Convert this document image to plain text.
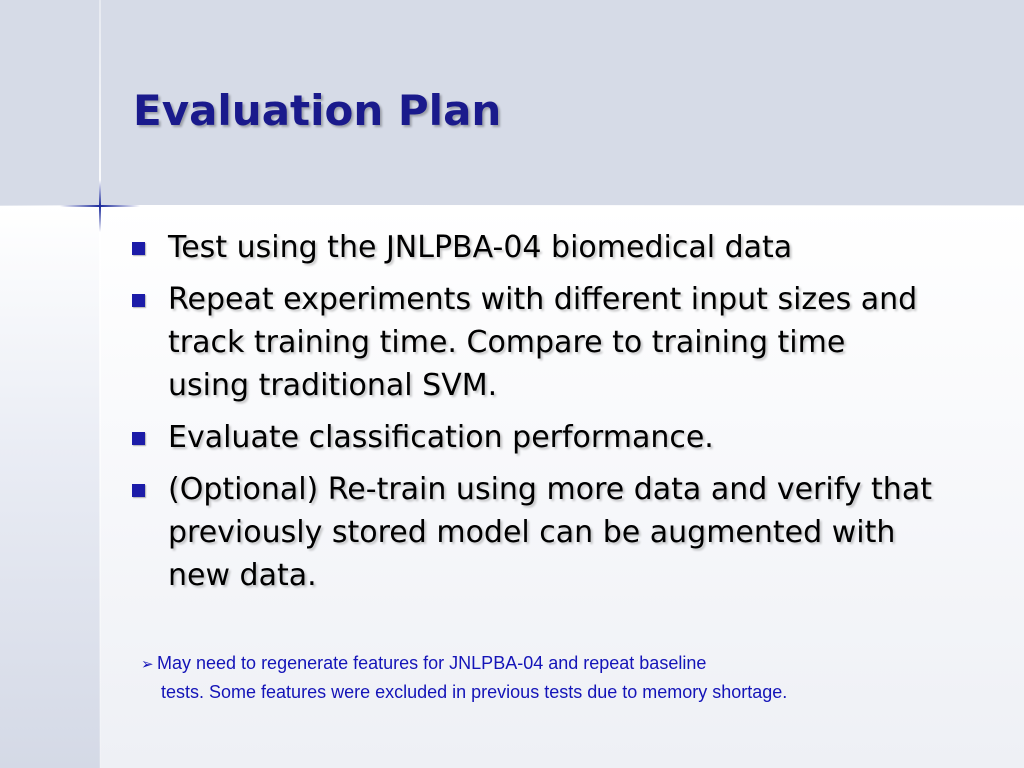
Evaluation Plan
Test using the JNLPBA-04 biomedical data
Repeat experiments with different input sizes and track training time. Compare to training time using traditional SVM.
Evaluate classification performance.
(Optional) Re-train using more data and verify that previously stored model can be augmented with new data.
➢ May need to regenerate features for JNLPBA-04 and repeat baseline
tests. Some features were excluded in previous tests due to memory shortage.
